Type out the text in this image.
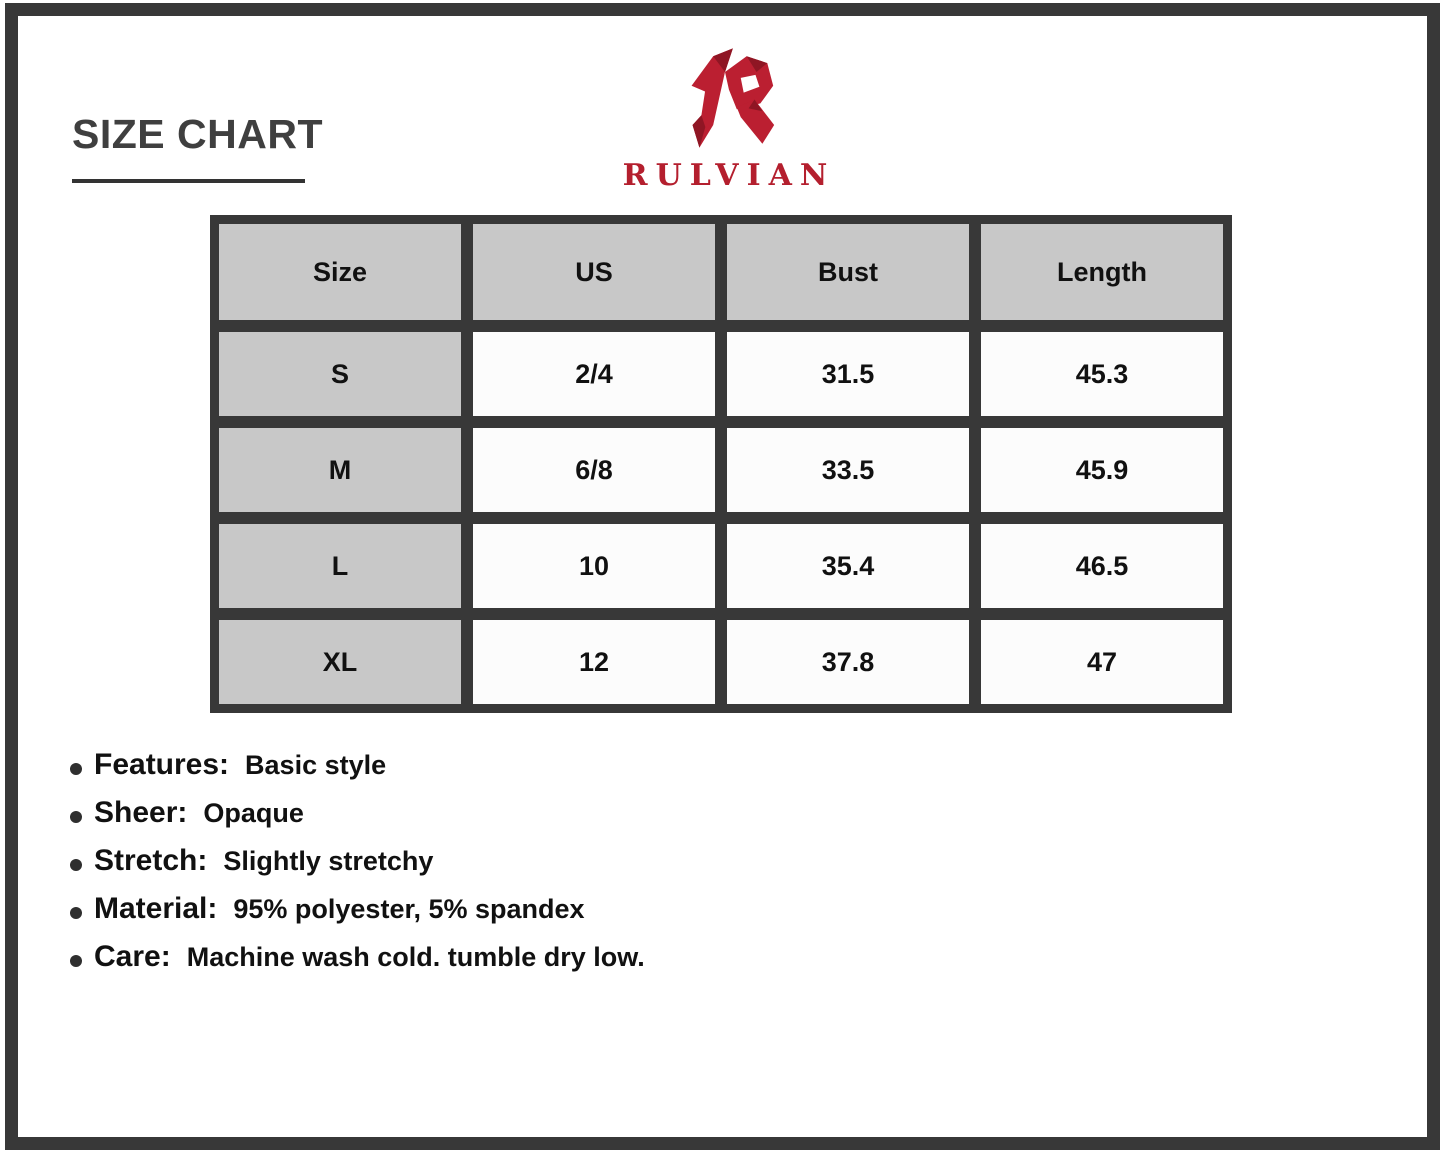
SIZE CHART
RULVIAN
Size	US	Bust	Length
S	2/4	31.5	45.3
M	6/8	33.5	45.9
L	10	35.4	46.5
XL	12	37.8	47
Features: Basic style
Sheer: Opaque
Stretch: Slightly stretchy
Material: 95% polyester, 5% spandex
Care: Machine wash cold. tumble dry low.
